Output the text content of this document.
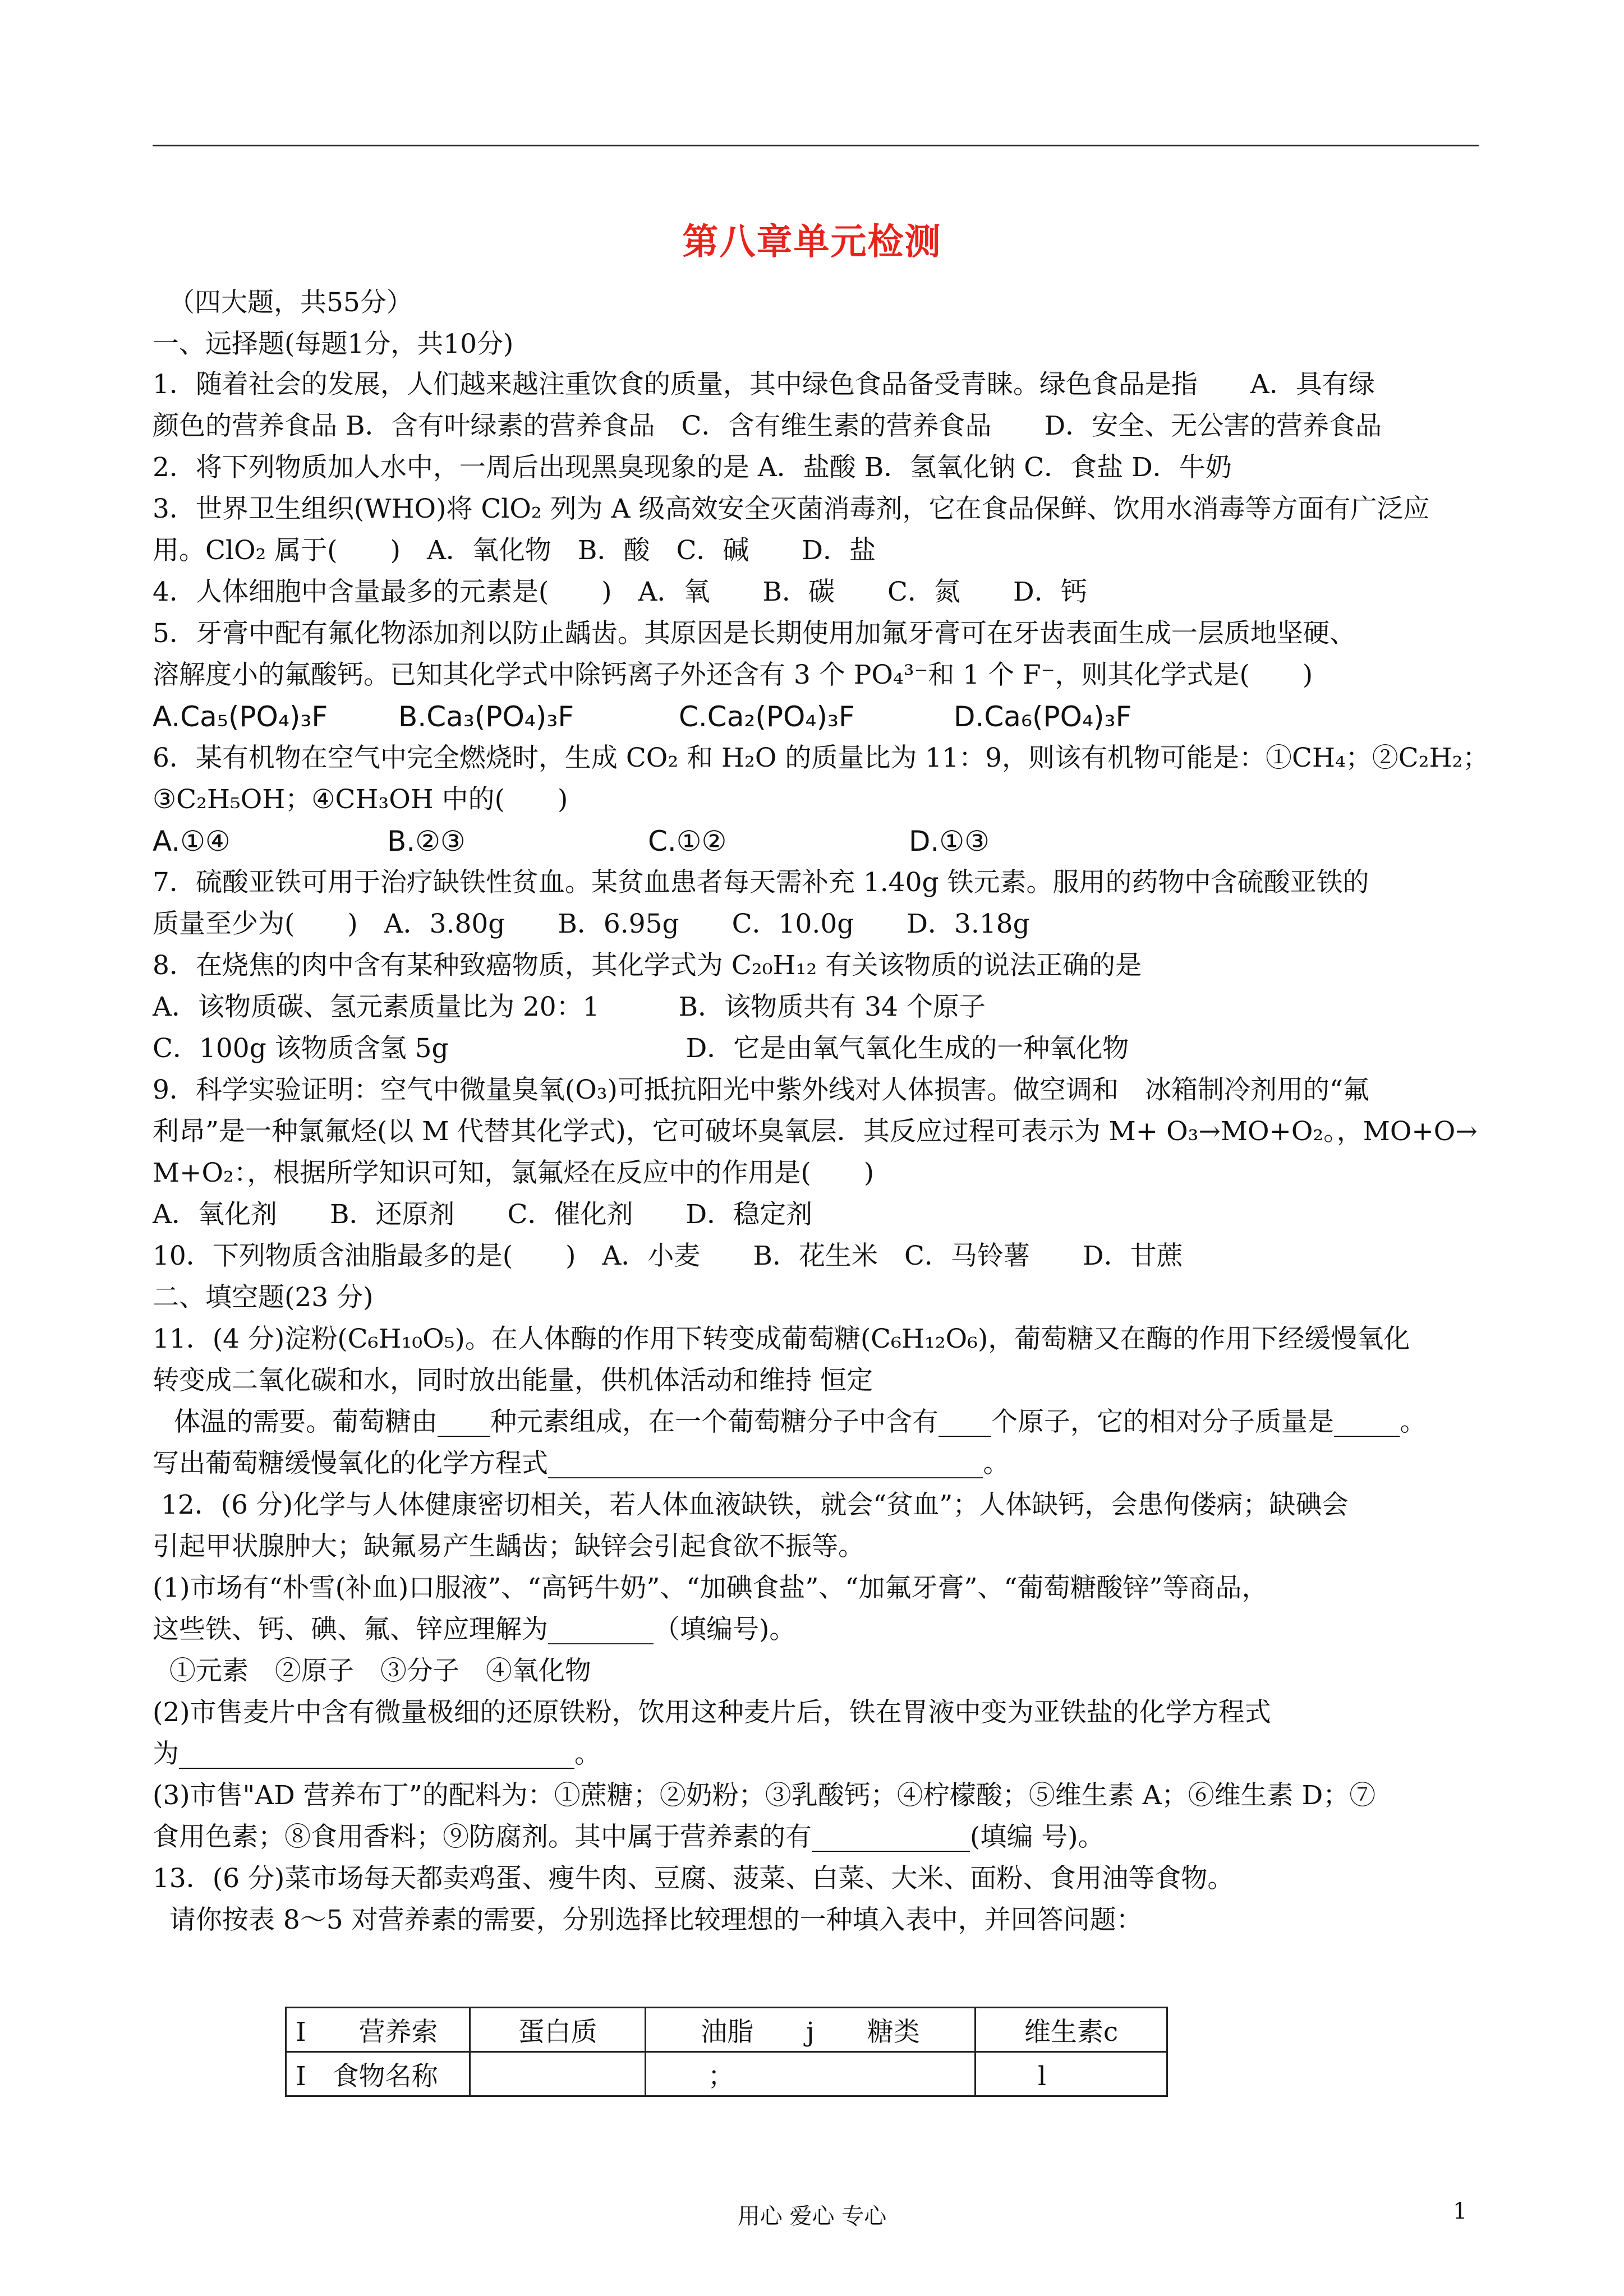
第八章单元检测
（四大题，共55分）
一、远择题(每题1分，共10分)
1．随着社会的发展，人们越来越注重饮食的质量，其中绿色食品备受青睐。绿色食品是指　　A．具有绿
颜色的营养食品 B．含有叶绿素的营养食品　C．含有维生素的营养食品　　D．安全、无公害的营养食品
2．将下列物质加人水中，一周后出现黑臭现象的是 A．盐酸 B．氢氧化钠 C．食盐 D．牛奶
3．世界卫生组织(WHO)将 ClO₂ 列为 A 级高效安全灭菌消毒剂，它在食品保鲜、饮用水消毒等方面有广泛应
用。ClO₂ 属于(　　)　A．氧化物　B．酸　C．碱　　D．盐
4．人体细胞中含量最多的元素是(　　)　A．氧　　B．碳　　C．氮　　D．钙
5．牙膏中配有氟化物添加剂以防止龋齿。其原因是长期使用加氟牙膏可在牙齿表面生成一层质地坚硬、
溶解度小的氟酸钙。已知其化学式中除钙离子外还含有 3 个 PO₄³⁻和 1 个 F⁻，则其化学式是(　　)
A.Ca₅(PO₄)₃F	B.Ca₃(PO₄)₃F	C.Ca₂(PO₄)₃F	D.Ca₆(PO₄)₃F
6．某有机物在空气中完全燃烧时，生成 CO₂ 和 H₂O 的质量比为 11：9，则该有机物可能是：①CH₄；②C₂H₂；
③C₂H₅OH；④CH₃OH 中的(　　)
A.①④	B.②③	C.①②	D.①③
7．硫酸亚铁可用于治疗缺铁性贫血。某贫血患者每天需补充 1.40g 铁元素。服用的药物中含硫酸亚铁的
质量至少为(　　)　A．3.80g　　B．6.95g　　C．10.0g　　D．3.18g
8．在烧焦的肉中含有某种致癌物质，其化学式为 C₂₀H₁₂ 有关该物质的说法正确的是
A．该物质碳、氢元素质量比为 20：1　　　B．该物质共有 34 个原子
C．100g 该物质含氢 5g　　　　　　　　　D．它是由氧气氧化生成的一种氧化物
9．科学实验证明：空气中微量臭氧(O₃)可抵抗阳光中紫外线对人体损害。做空调和　冰箱制冷剂用的“氟
利昂”是一种氯氟烃(以 M 代替其化学式)，它可破坏臭氧层．其反应过程可表示为 M+ O₃→MO+O₂。，MO+O→
M+O₂：，根据所学知识可知，氯氟烃在反应中的作用是(　　)
A．氧化剂　　B．还原剂　　C．催化剂　　D．稳定剂
10．下列物质含油脂最多的是(　　)　A．小麦　　B．花生米　C．马铃薯　　D．甘蔗
二、填空题(23 分)
11．(4 分)淀粉(C₆H₁₀O₅)。在人体酶的作用下转变成葡萄糖(C₆H₁₂O₆)，葡萄糖又在酶的作用下经缓慢氧化
转变成二氧化碳和水，同时放出能量，供机体活动和维持 恒定
体温的需要。葡萄糖由____种元素组成，在一个葡萄糖分子中含有____个原子，它的相对分子质量是_____。
写出葡萄糖缓慢氧化的化学方程式_________________________________。
12．(6 分)化学与人体健康密切相关，若人体血液缺铁，就会“贫血”；人体缺钙，会患佝偻病；缺碘会
引起甲状腺肿大；缺氟易产生龋齿；缺锌会引起食欲不振等。
(1)市场有“朴雪(补血)口服液”、“高钙牛奶”、“加碘食盐”、“加氟牙膏”、“葡萄糖酸锌”等商品，
这些铁、钙、碘、氟、锌应理解为________（填编号)。
①元素　②原子　③分子　④氧化物
(2)市售麦片中含有微量极细的还原铁粉，饮用这种麦片后，铁在胃液中变为亚铁盐的化学方程式
为______________________________。
(3)市售"AD 营养布丁”的配料为：①蔗糖；②奶粉；③乳酸钙；④柠檬酸；⑤维生素 A；⑥维生素 D；⑦
食用色素；⑧食用香料；⑨防腐剂。其中属于营养素的有____________(填编 号)。
13．(6 分)菜市场每天都卖鸡蛋、瘦牛肉、豆腐、菠菜、白菜、大米、面粉、食用油等食物。
请你按表 8～5 对营养素的需要，分别选择比较理想的一种填入表中，并回答问题：
I　　营养索	蛋白质	油脂　　j　　糖类	维生素c
I　食物名称		　　；	　　l
用心 爱心 专心	1
